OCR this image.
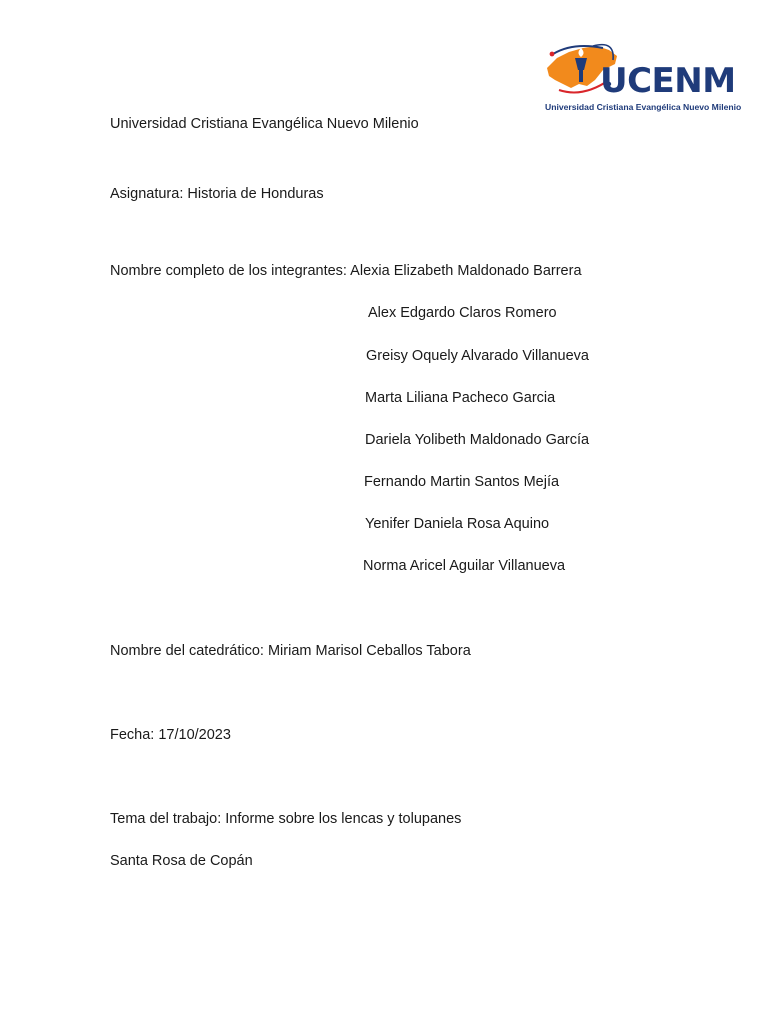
UCENM
Universidad Cristiana Evangélica Nuevo Milenio
Universidad Cristiana Evangélica Nuevo Milenio
Asignatura: Historia de Honduras
Nombre completo de los integrantes: Alexia Elizabeth Maldonado Barrera
Alex Edgardo Claros Romero
Greisy Oquely Alvarado Villanueva
Marta Liliana Pacheco Garcia
Dariela Yolibeth Maldonado García
Fernando Martin Santos Mejía
Yenifer Daniela Rosa Aquino
Norma Aricel Aguilar Villanueva
Nombre del catedrático: Miriam Marisol Ceballos Tabora
Fecha: 17/10/2023
Tema del trabajo: Informe sobre los lencas y tolupanes
Santa Rosa de Copán
